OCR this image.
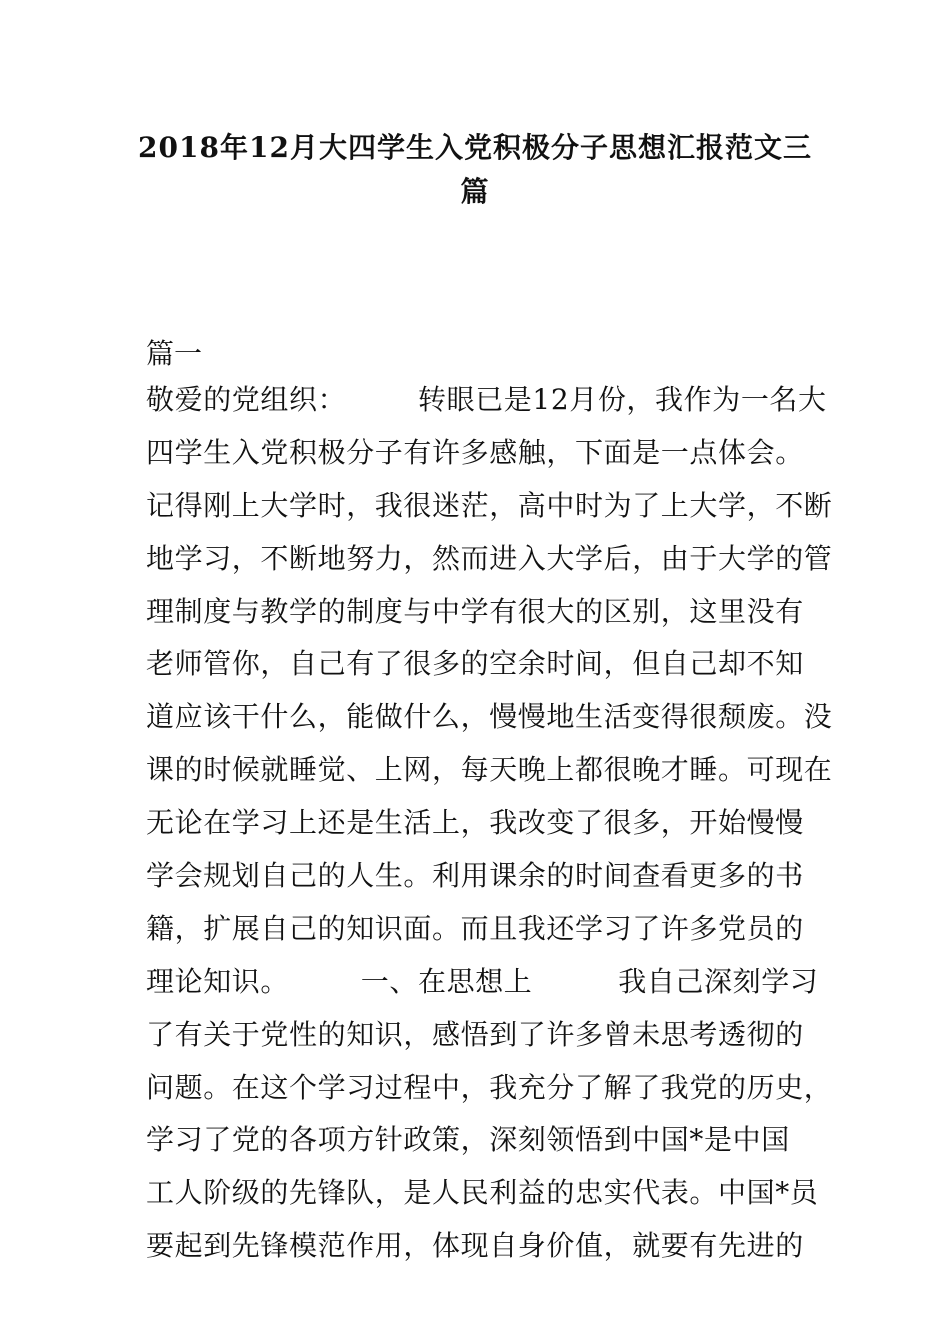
2018年12月大四学生入党积极分子思想汇报范文三
篇

篇一

敬爱的党组织：　　　转眼已是12月份，我作为一名大
四学生入党积极分子有许多感触，下面是一点体会。
记得刚上大学时，我很迷茫，高中时为了上大学，不断
地学习，不断地努力，然而进入大学后，由于大学的管
理制度与教学的制度与中学有很大的区别，这里没有
老师管你，自己有了很多的空余时间，但自己却不知
道应该干什么，能做什么，慢慢地生活变得很颓废。没
课的时候就睡觉、上网，每天晚上都很晚才睡。可现在
无论在学习上还是生活上，我改变了很多，开始慢慢
学会规划自己的人生。利用课余的时间查看更多的书
籍，扩展自己的知识面。而且我还学习了许多党员的
理论知识。　　　一、在思想上　　　我自己深刻学习
了有关于党性的知识，感悟到了许多曾未思考透彻的
问题。在这个学习过程中，我充分了解了我党的历史，
学习了党的各项方针政策，深刻领悟到中国*是中国
工人阶级的先锋队，是人民利益的忠实代表。中国*员
要起到先锋模范作用，体现自身价值，就要有先进的
